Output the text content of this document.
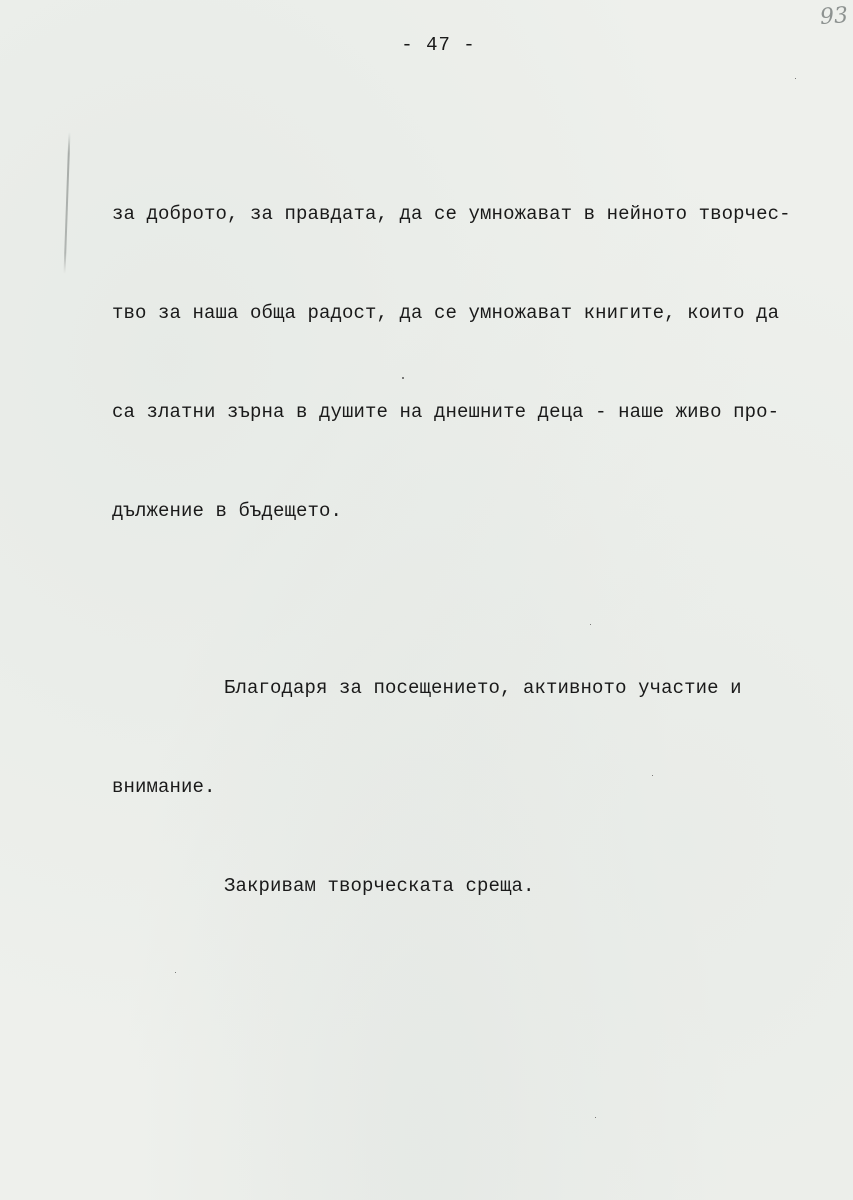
93
- 47 -

за доброто, за правдата, да се умножават в нейното творчес-

тво за наша обща радост, да се умножават книгите, които да

са златни зърна в душите на днешните деца - наше живо про-

дължение в бъдещето.

Благодаря за посещението, активното участие и

внимание.

Закривам творческата среща.
